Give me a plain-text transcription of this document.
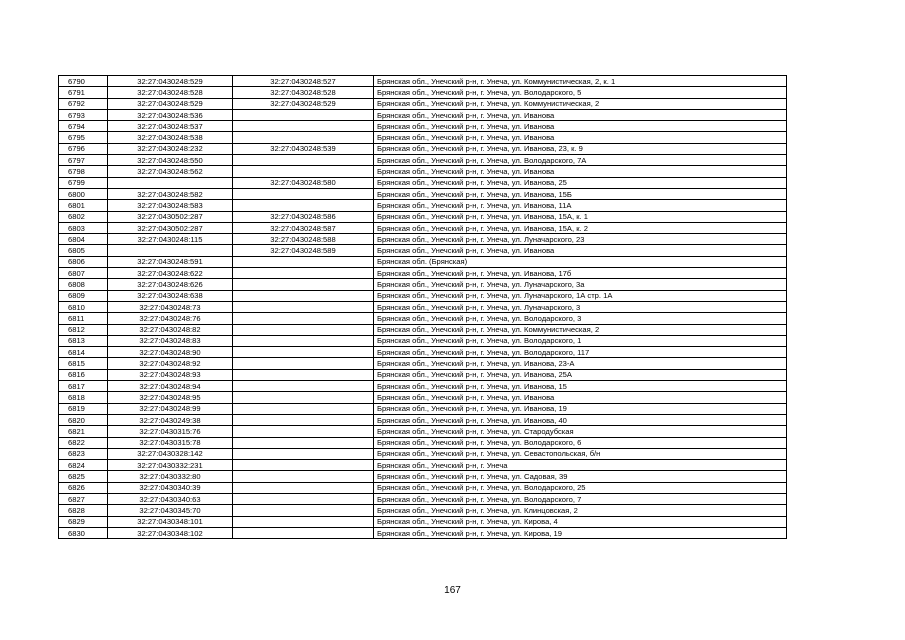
6790	32:27:0430248:529	32:27:0430248:527	Брянская обл., Унечский р-н, г. Унеча, ул. Коммунистическая, 2, к. 1
6791	32:27:0430248:528	32:27:0430248:528	Брянская обл., Унечский р-н, г. Унеча, ул. Володарского, 5
6792	32:27:0430248:529	32:27:0430248:529	Брянская обл., Унечский р-н, г. Унеча, ул. Коммунистическая, 2
6793	32:27:0430248:536		Брянская обл., Унечский р-н, г. Унеча, ул. Иванова
6794	32:27:0430248:537		Брянская обл., Унечский р-н, г. Унеча, ул. Иванова
6795	32:27:0430248:538		Брянская обл., Унечский р-н, г. Унеча, ул. Иванова
6796	32:27:0430248:232	32:27:0430248:539	Брянская обл., Унечский р-н, г. Унеча, ул. Иванова, 23, к. 9
6797	32:27:0430248:550		Брянская обл., Унечский р-н, г. Унеча, ул. Володарского, 7А
6798	32:27:0430248:562		Брянская обл., Унечский р-н, г. Унеча, ул. Иванова
6799		32:27:0430248:580	Брянская обл., Унечский р-н, г. Унеча, ул. Иванова, 25
6800	32:27:0430248:582		Брянская обл., Унечский р-н, г. Унеча, ул. Иванова, 15Б
6801	32:27:0430248:583		Брянская обл., Унечский р-н, г. Унеча, ул. Иванова, 11А
6802	32:27:0430502:287	32:27:0430248:586	Брянская обл., Унечский р-н, г. Унеча, ул. Иванова, 15А, к. 1
6803	32:27:0430502:287	32:27:0430248:587	Брянская обл., Унечский р-н, г. Унеча, ул. Иванова, 15А, к. 2
6804	32:27:0430248:115	32:27:0430248:588	Брянская обл., Унечский р-н, г. Унеча, ул. Луначарского, 23
6805		32:27:0430248:589	Брянская обл., Унечский р-н, г. Унеча, ул. Иванова
6806	32:27:0430248:591		Брянская обл. (Брянская)
6807	32:27:0430248:622		Брянская обл., Унечский р-н, г. Унеча, ул. Иванова, 17б
6808	32:27:0430248:626		Брянская обл., Унечский р-н, г. Унеча, ул. Луначарского, 3а
6809	32:27:0430248:638		Брянская обл., Унечский р-н, г. Унеча, ул. Луначарского, 1А стр. 1А
6810	32:27:0430248:73		Брянская обл., Унечский р-н, г. Унеча, ул. Луначарского, 3
6811	32:27:0430248:76		Брянская обл., Унечский р-н, г. Унеча, ул. Володарского, 3
6812	32:27:0430248:82		Брянская обл., Унечский р-н, г. Унеча, ул. Коммунистическая, 2
6813	32:27:0430248:83		Брянская обл., Унечский р-н, г. Унеча, ул. Володарского, 1
6814	32:27:0430248:90		Брянская обл., Унечский р-н, г. Унеча, ул. Володарского, 117
6815	32:27:0430248:92		Брянская обл., Унечский р-н, г. Унеча, ул. Иванова, 23-А
6816	32:27:0430248:93		Брянская обл., Унечский р-н, г. Унеча, ул. Иванова, 25А
6817	32:27:0430248:94		Брянская обл., Унечский р-н, г. Унеча, ул. Иванова, 15
6818	32:27:0430248:95		Брянская обл., Унечский р-н, г. Унеча, ул. Иванова
6819	32:27:0430248:99		Брянская обл., Унечский р-н, г. Унеча, ул. Иванова, 19
6820	32:27:0430249:38		Брянская обл., Унечский р-н, г. Унеча, ул. Иванова, 40
6821	32:27:0430315:76		Брянская обл., Унечский р-н, г. Унеча, ул. Стародубская
6822	32:27:0430315:78		Брянская обл., Унечский р-н, г. Унеча, ул. Володарского, 6
6823	32:27:0430328:142		Брянская обл., Унечский р-н, г. Унеча, ул. Севастопольская, б/н
6824	32:27:0430332:231		Брянская обл., Унечский р-н, г. Унеча
6825	32:27:0430332:80		Брянская обл., Унечский р-н, г. Унеча, ул. Садовая, 39
6826	32:27:0430340:39		Брянская обл., Унечский р-н, г. Унеча, ул. Володарского, 25
6827	32:27:0430340:63		Брянская обл., Унечский р-н, г. Унеча, ул. Володарского, 7
6828	32:27:0430345:70		Брянская обл., Унечский р-н, г. Унеча, ул. Клинцовская, 2
6829	32:27:0430348:101		Брянская обл., Унечский р-н, г. Унеча, ул. Кирова, 4
6830	32:27:0430348:102		Брянская обл., Унечский р-н, г. Унеча, ул. Кирова, 19
167
